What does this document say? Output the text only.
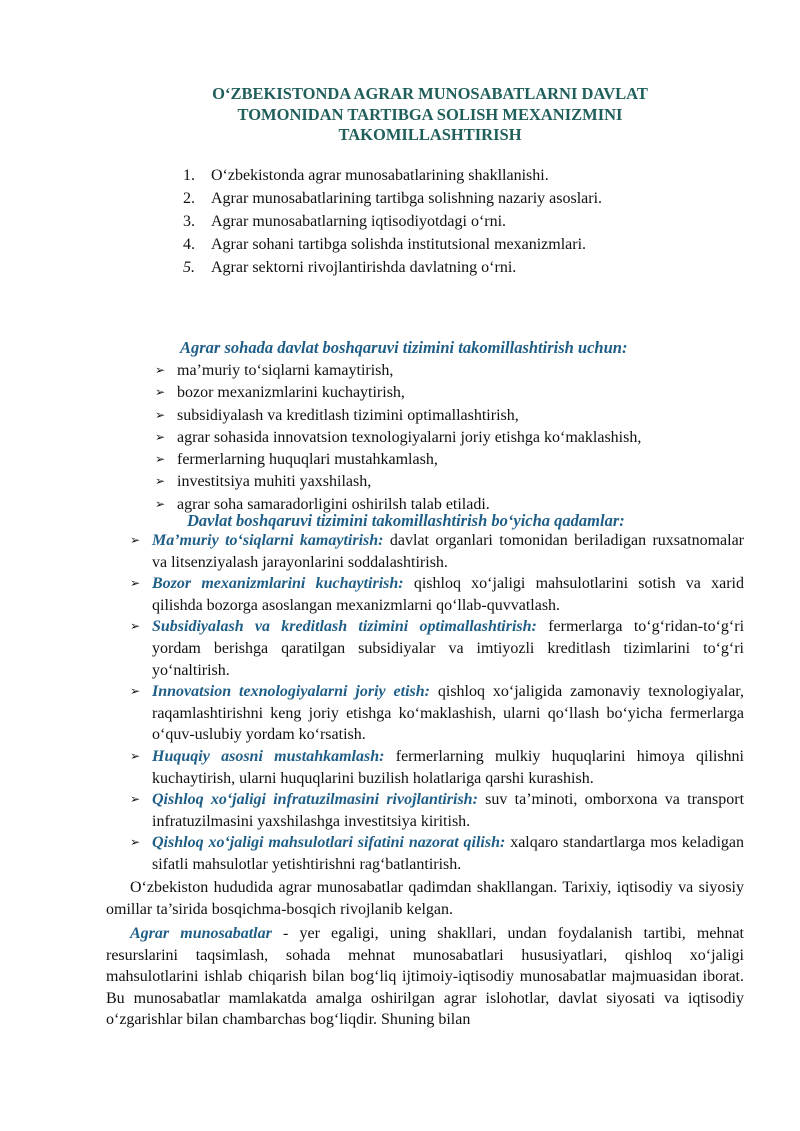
O‘ZBEKISTONDA AGRAR MUNOSABATLARNI DAVLAT
TOMONIDAN TARTIBGA SOLISH MEXANIZMINI
TAKOMILLASHTIRISH
1. O‘zbekistonda agrar munosabatlarining shakllanishi.
2. Agrar munosabatlarining tartibga solishning nazariy asoslari.
3. Agrar munosabatlarning iqtisodiyotdagi o‘rni.
4. Agrar sohani tartibga solishda institutsional mexanizmlari.
5. Agrar sektorni rivojlantirishda davlatning o‘rni.
Agrar sohada davlat boshqaruvi tizimini takomillashtirish uchun:
➢ ma’muriy to‘siqlarni kamaytirish,
➢ bozor mexanizmlarini kuchaytirish,
➢ subsidiyalash va kreditlash tizimini optimallashtirish,
➢ agrar sohasida innovatsion texnologiyalarni joriy etishga ko‘maklashish,
➢ fermerlarning huquqlari mustahkamlash,
➢ investitsiya muhiti yaxshilash,
➢ agrar soha samaradorligini oshirilsh talab etiladi.
Davlat boshqaruvi tizimini takomillashtirish bo‘yicha qadamlar:
➢ Ma’muriy to‘siqlarni kamaytirish: davlat organlari tomonidan beriladigan ruxsatnomalar va litsenziyalash jarayonlarini soddalashtirish.
➢ Bozor mexanizmlarini kuchaytirish: qishloq xo‘jaligi mahsulotlarini sotish va xarid qilishda bozorga asoslangan mexanizmlarni qo‘llab-quvvatlash.
➢ Subsidiyalash va kreditlash tizimini optimallashtirish: fermerlarga to‘g‘ridan-to‘g‘ri yordam berishga qaratilgan subsidiyalar va imtiyozli kreditlash tizimlarini to‘g‘ri yo‘naltirish.
➢ Innovatsion texnologiyalarni joriy etish: qishloq xo‘jaligida zamonaviy texnologiyalar, raqamlashtirishni keng joriy etishga ko‘maklashish, ularni qo‘llash bo‘yicha fermerlarga o‘quv-uslubiy yordam ko‘rsatish.
➢ Huquqiy asosni mustahkamlash: fermerlarning mulkiy huquqlarini himoya qilishni kuchaytirish, ularni huquqlarini buzilish holatlariga qarshi kurashish.
➢ Qishloq xo‘jaligi infratuzilmasini rivojlantirish: suv ta’minoti, omborxona va transport infratuzilmasini yaxshilashga investitsiya kiritish.
➢ Qishloq xo‘jaligi mahsulotlari sifatini nazorat qilish: xalqaro standartlarga mos keladigan sifatli mahsulotlar yetishtirishni rag‘batlantirish.
O‘zbekiston hududida agrar munosabatlar qadimdan shakllangan. Tarixiy, iqtisodiy va siyosiy omillar ta’sirida bosqichma-bosqich rivojlanib kelgan.
Agrar munosabatlar - yer egaligi, uning shakllari, undan foydalanish tartibi, mehnat resurslarini taqsimlash, sohada mehnat munosabatlari hususiyatlari, qishloq xo‘jaligi mahsulotlarini ishlab chiqarish bilan bog‘liq ijtimoiy-iqtisodiy munosabatlar majmuasidan iborat. Bu munosabatlar mamlakatda amalga oshirilgan agrar islohotlar, davlat siyosati va iqtisodiy o‘zgarishlar bilan chambarchas bog‘liqdir. Shuning bilan
